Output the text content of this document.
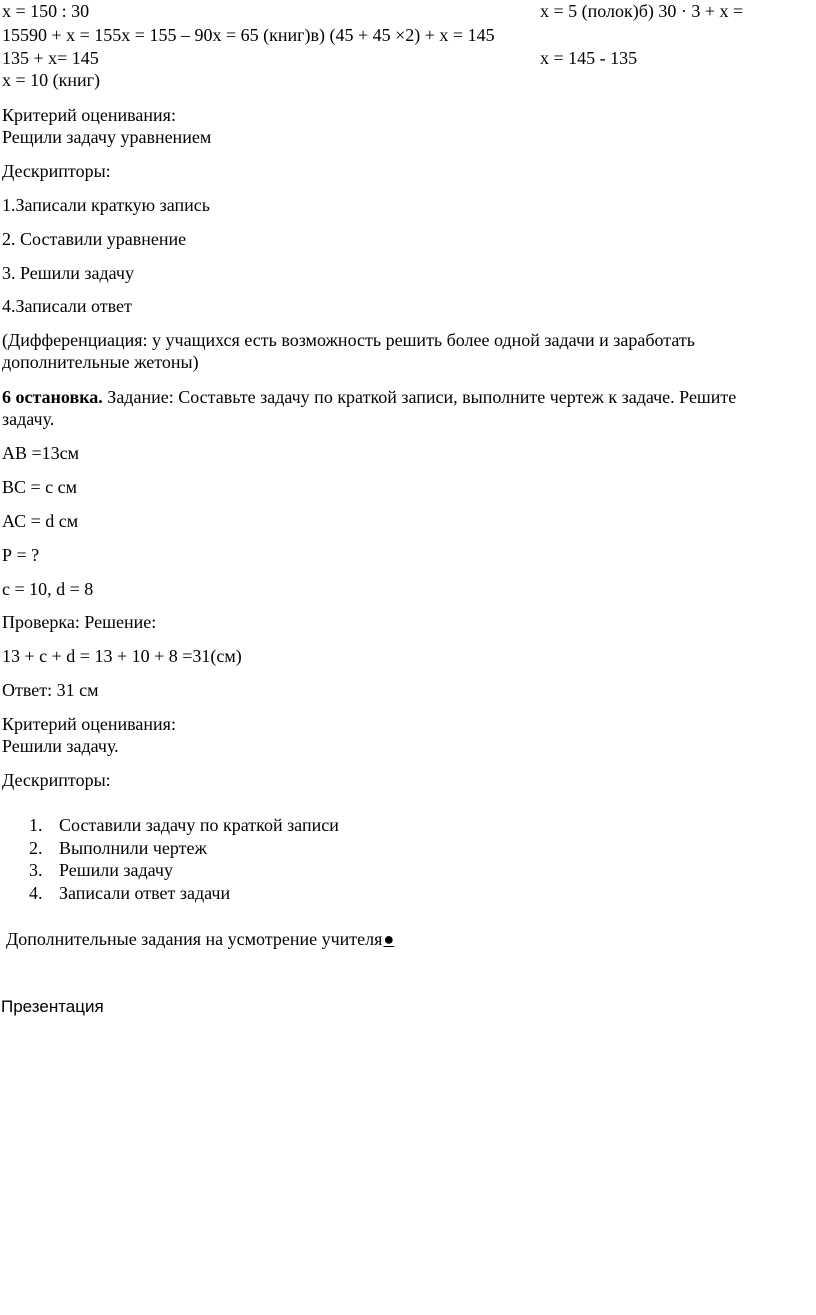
x = 150 : 30	x = 5 (полок)б) 30 · 3 + x =
15590 + x = 155x = 155 – 90x = 65 (книг)в) (45 + 45 ×2) + x = 145
135 + x= 145	x = 145 - 135
x = 10 (книг)
Критерий оценивания:
Рещили задачу уравнением
Дескрипторы:
1.Записали краткую запись
2. Составили уравнение
3. Решили задачу
4.Записали ответ
(Дифференциация: у учащихся есть возможность решить более одной задачи и заработать
дополнительные жетоны)
6 остановка. Задание: Составьте задачу по краткой записи, выполните чертеж к задаче. Решите
задачу.
АВ =13см
ВС = с см
АС = d см
Р = ?
c = 10, d = 8
Проверка: Решение:
13 + c + d = 13 + 10 + 8 =31(см)
Ответ: 31 см
Критерий оценивания:
Решили задачу.
Дескрипторы:
1. Составили задачу по краткой записи
2. Выполнили чертеж
3. Решили задачу
4. Записали ответ задачи
Дополнительные задания на усмотрение учителя●
Презентация
